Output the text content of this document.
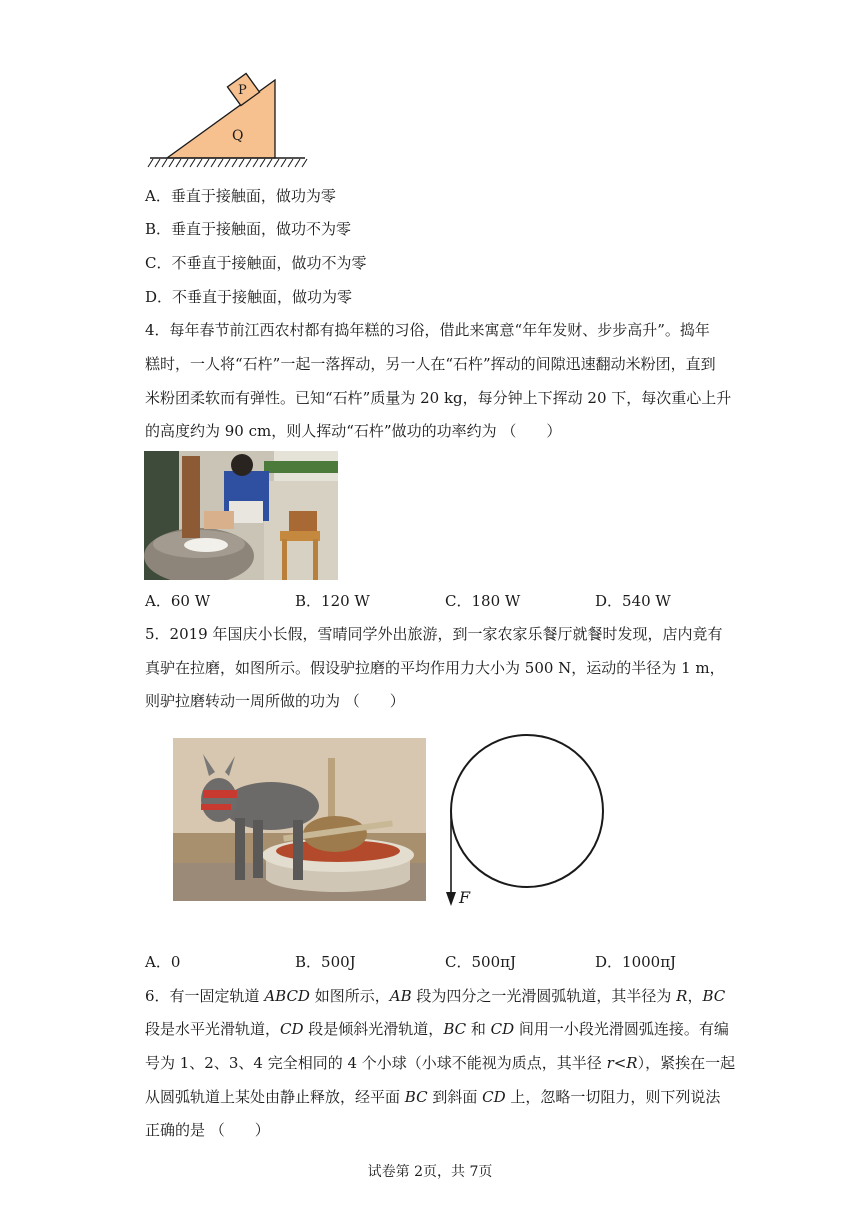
P
Q
A．垂直于接触面，做功为零
B．垂直于接触面，做功不为零
C．不垂直于接触面，做功不为零
D．不垂直于接触面，做功为零
4．每年春节前江西农村都有捣年糕的习俗，借此来寓意“年年发财、步步高升”。捣年
糕时，一人将“石杵”一起一落挥动，另一人在“石杵”挥动的间隙迅速翻动米粉团，直到
米粉团柔软而有弹性。已知“石杵”质量为 20 kg，每分钟上下挥动 20 下，每次重心上升
的高度约为 90 cm，则人挥动“石杵”做功的功率约为 （　　）
A．60 W	B．120 W	C．180 W	D．540 W
5．2019 年国庆小长假，雪晴同学外出旅游，到一家农家乐餐厅就餐时发现，店内竟有
真驴在拉磨，如图所示。假设驴拉磨的平均作用力大小为 500 N，运动的半径为 1 m，
则驴拉磨转动一周所做的功为 （　　）
F
A．0	B．500J	C．500πJ	D．1000πJ
6．有一固定轨道 ABCD 如图所示，AB 段为四分之一光滑圆弧轨道，其半径为 R，BC
段是水平光滑轨道，CD 段是倾斜光滑轨道，BC 和 CD 间用一小段光滑圆弧连接。有编
号为 1、2、3、4 完全相同的 4 个小球（小球不能视为质点，其半径 r<R），紧挨在一起
从圆弧轨道上某处由静止释放，经平面 BC 到斜面 CD 上，忽略一切阻力，则下列说法
正确的是 （　　）
试卷第 2页，共 7页
